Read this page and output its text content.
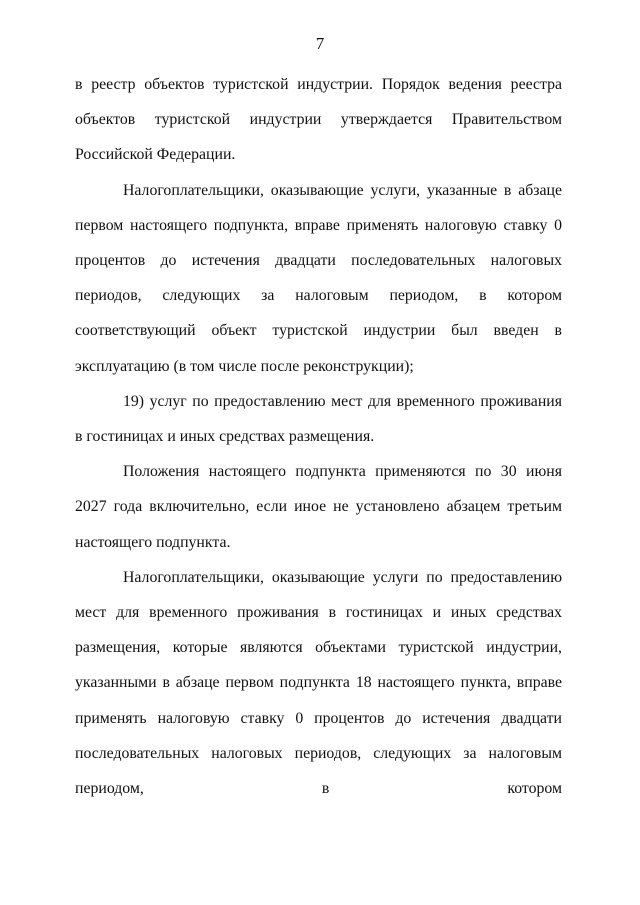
7

в реестр объектов туристской индустрии. Порядок ведения реестра объектов туристской индустрии утверждается Правительством Российской Федерации.

Налогоплательщики, оказывающие услуги, указанные в абзаце первом настоящего подпункта, вправе применять налоговую ставку 0 процентов до истечения двадцати последовательных налоговых периодов, следующих за налоговым периодом, в котором соответствующий объект туристской индустрии был введен в эксплуатацию (в том числе после реконструкции);

19) услуг по предоставлению мест для временного проживания в гостиницах и иных средствах размещения.

Положения настоящего подпункта применяются по 30 июня 2027 года включительно, если иное не установлено абзацем третьим настоящего подпункта.

Налогоплательщики, оказывающие услуги по предоставлению мест для временного проживания в гостиницах и иных средствах размещения, которые являются объектами туристской индустрии, указанными в абзаце первом подпункта 18 настоящего пункта, вправе применять налоговую ставку 0 процентов до истечения двадцати последовательных налоговых периодов, следующих за налоговым периодом, в котором
